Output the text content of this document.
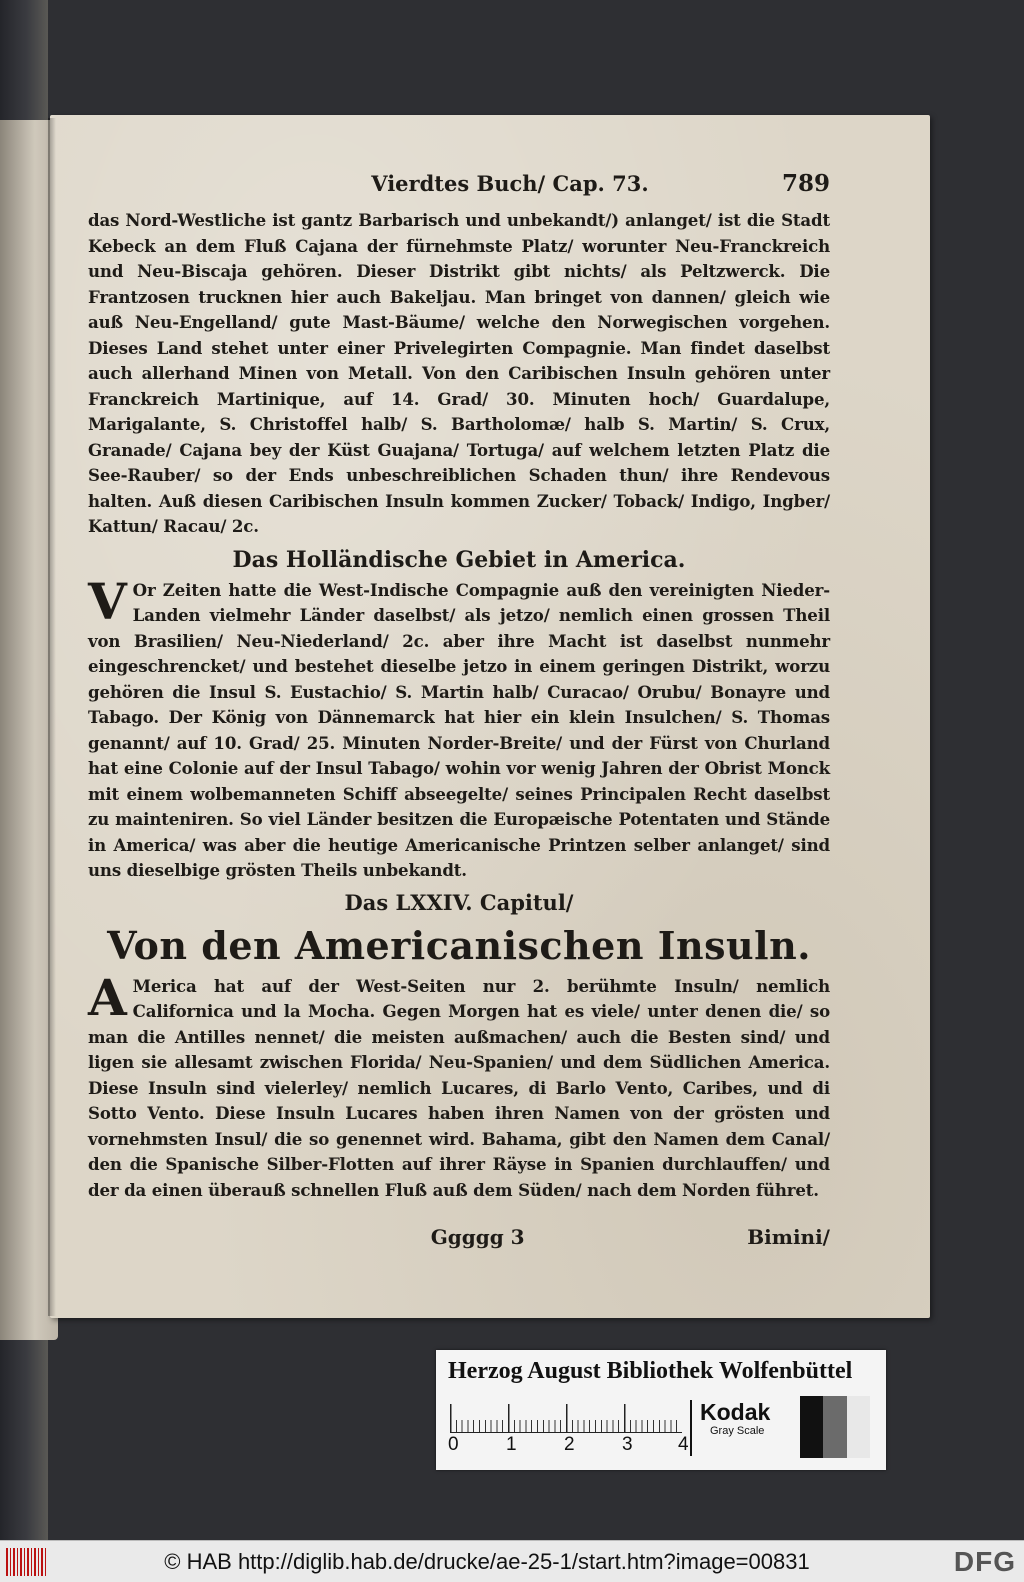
Vierdtes Buch/ Cap. 73.	789

das Nord-Westliche ist gantz Barbarisch und unbekandt/) anlanget/ ist die Stadt Kebeck an dem Fluß Cajana der fürnehmste Platz/ worunter Neu-Franckreich und Neu-Biscaja gehören. Dieser Distrikt gibt nichts/ als Peltzwerck. Die Frantzosen trucknen hier auch Bakeljau. Man bringet von dannen/ gleich wie auß Neu-Engelland/ gute Mast-Bäume/ welche den Norwegischen vorgehen. Dieses Land stehet unter einer Privelegirten Compagnie. Man findet daselbst auch allerhand Minen von Metall. Von den Caribischen Insuln gehören unter Franckreich Martinique, auf 14. Grad/ 30. Minuten hoch/ Guardalupe, Marigalante, S. Christoffel halb/ S. Bartholomæ/ halb S. Martin/ S. Crux, Granade/ Cajana bey der Küst Guajana/ Tortuga/ auf welchem letzten Platz die See-Rauber/ so der Ends unbeschreiblichen Schaden thun/ ihre Rendevous halten. Auß diesen Caribischen Insuln kommen Zucker/ Toback/ Indigo, Ingber/ Kattun/ Racau/ 2c.

Das Holländische Gebiet in America.

V Or Zeiten hatte die West-Indische Compagnie auß den vereinigten Nieder-Landen vielmehr Länder daselbst/ als jetzo/ nemlich einen grossen Theil von Brasilien/ Neu-Niederland/ 2c. aber ihre Macht ist daselbst nunmehr eingeschrencket/ und bestehet dieselbe jetzo in einem geringen Distrikt, worzu gehören die Insul S. Eustachio/ S. Martin halb/ Curacao/ Orubu/ Bonayre und Tabago. Der König von Dännemarck hat hier ein klein Insulchen/ S. Thomas genannt/ auf 10. Grad/ 25. Minuten Norder-Breite/ und der Fürst von Churland hat eine Colonie auf der Insul Tabago/ wohin vor wenig Jahren der Obrist Monck mit einem wolbemanneten Schiff abseegelte/ seines Principalen Recht daselbst zu mainteniren. So viel Länder besitzen die Europæische Potentaten und Stände in America/ was aber die heutige Americanische Printzen selber anlanget/ sind uns dieselbige grösten Theils unbekandt.

Das LXXIV. Capitul/
Von den Americanischen Insuln.

A Merica hat auf der West-Seiten nur 2. berühmte Insuln/ nemlich Californica und la Mocha. Gegen Morgen hat es viele/ unter denen die/ so man die Antilles nennet/ die meisten außmachen/ auch die Besten sind/ und ligen sie allesamt zwischen Florida/ Neu-Spanien/ und dem Südlichen America. Diese Insuln sind vielerley/ nemlich Lucares, di Barlo Vento, Caribes, und di Sotto Vento. Diese Insuln Lucares haben ihren Namen von der grösten und vornehmsten Insul/ die so genennet wird. Bahama, gibt den Namen dem Canal/ den die Spanische Silber-Flotten auf ihrer Räyse in Spanien durchlauffen/ und der da einen überauß schnellen Fluß auß dem Süden/ nach dem Norden führet.

Ggggg 3	Bimini/
Herzog August Bibliothek Wolfenbüttel
0 1 2 3 4
Kodak
Gray Scale
© HAB http://diglib.hab.de/drucke/ae-25-1/start.htm?image=00831	DFG
